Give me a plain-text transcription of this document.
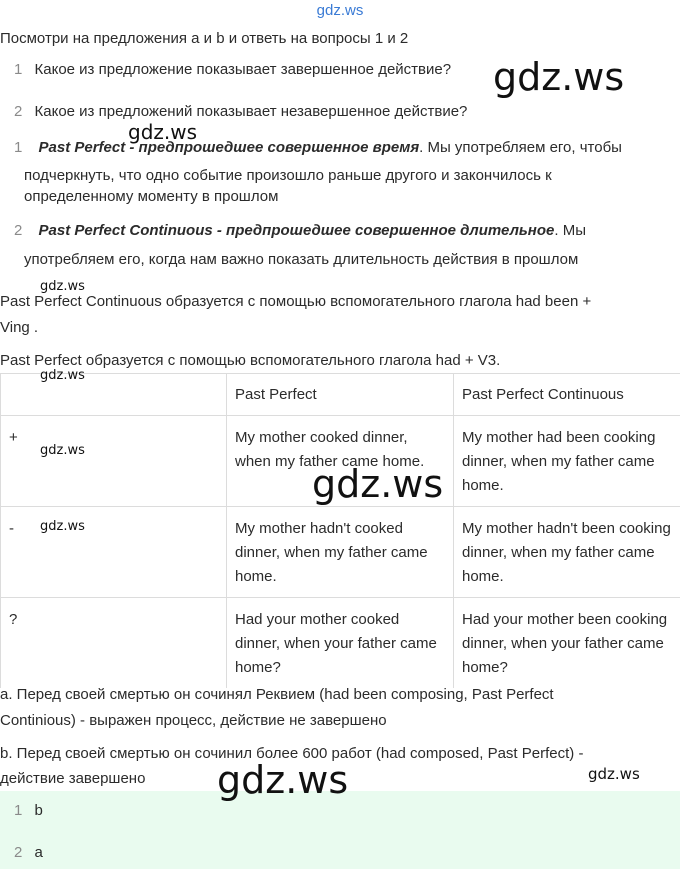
gdz.ws
Посмотри на предложения a и b и ответь на вопросы 1 и 2
1 Какое из предложение показывает завершенное действие?
2 Какое из предложений показывает незавершенное действие?
1 Past Perfect - предпрошедшее совершенное время. Мы употребляем его, чтобы
подчеркнуть, что одно событие произошло раньше другого и закончилось к
определенному моменту в прошлом
2 Past Perfect Continuous - предпрошедшее совершенное длительное. Мы
употребляем его, когда нам важно показать длительность действия в прошлом
Past Perfect Continuous образуется с помощью вспомогательного глагола had been +
Ving .
Past Perfect образуется с помощью вспомогательного глагола had + V3.
	Past Perfect	Past Perfect Continuous
+	My mother cooked dinner, when my father came home.	My mother had been cooking dinner, when my father came home.
-	My mother hadn't cooked dinner, when my father came home.	My mother hadn't been cooking dinner, when my father came home.
?	Had your mother cooked dinner, when your father came home?	Had your mother been cooking dinner, when your father came home?
a. Перед своей смертью он сочинял Реквием (had been composing, Past Perfect
Continious) - выражен процесс, действие не завершено
b. Перед своей смертью он сочинил более 600 работ (had composed, Past Perfect) -
действие завершено
1 b
2 a
gdz.ws
gdz.ws
gdz.ws
gdz.ws
gdz.ws
gdz.ws
gdz.ws
gdz.ws
gdz.ws
